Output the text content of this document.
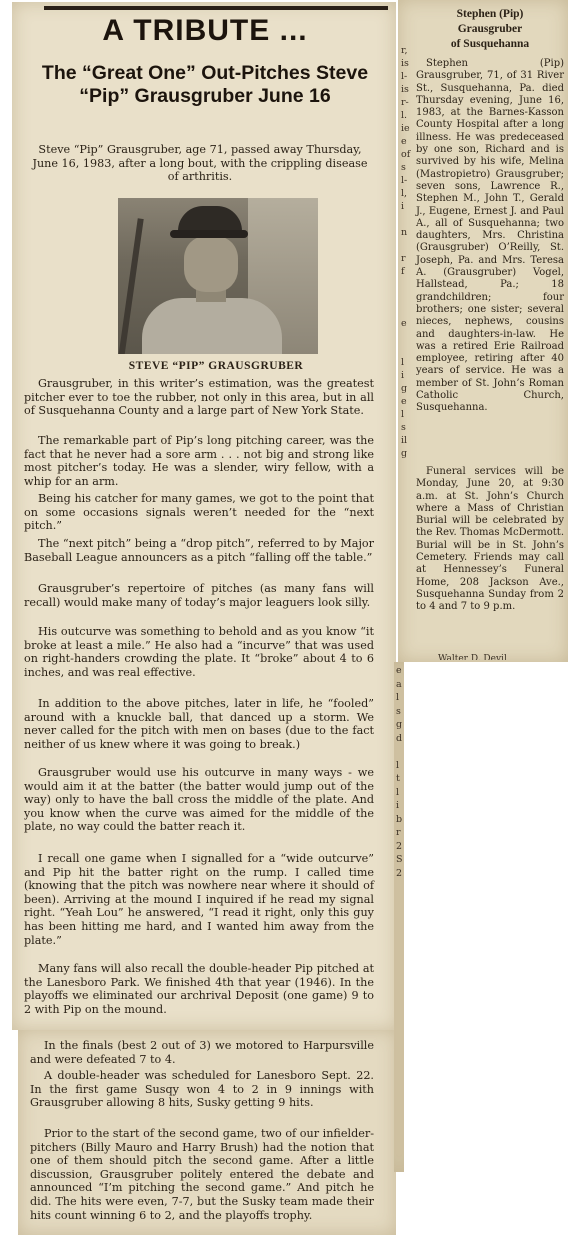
A TRIBUTE ...
The “Great One” Out-Pitches Steve “Pip” Grausgruber June 16

Steve “Pip” Grausgruber, age 71, passed away Thursday, June 16, 1983, after a long bout, with the crippling disease of arthritis.

STEVE “PIP” GRAUSGRUBER

Grausgruber, in this writer’s estimation, was the greatest pitcher ever to toe the rubber, not only in this area, but in all of Susquehanna County and a large part of New York State.

The remarkable part of Pip’s long pitching career, was the fact that he never had a sore arm . . . not big and strong like most pitcher’s today. He was a slender, wiry fellow, with a whip for an arm.

Being his catcher for many games, we got to the point that on some occasions signals weren’t needed for the “next pitch.”

The “next pitch” being a “drop pitch”, referred to by Major Baseball League announcers as a pitch “falling off the table.”

Grausgruber’s repertoire of pitches (as many fans will recall) would make many of today’s major leaguers look silly.

His outcurve was something to behold and as you know “it broke at least a mile.” He also had a “incurve” that was used on right-handers crowding the plate. It “broke” about 4 to 6 inches, and was real effective.

In addition to the above pitches, later in life, he “fooled” around with a knuckle ball, that danced up a storm. We never called for the pitch with men on bases (due to the fact neither of us knew where it was going to break.)

Grausgruber would use his outcurve in many ways - we would aim it at the batter (the batter would jump out of the way) only to have the ball cross the middle of the plate. And you know when the curve was aimed for the middle of the plate, no way could the batter reach it.

I recall one game when I signalled for a “wide outcurve” and Pip hit the batter right on the rump. I called time (knowing that the pitch was nowhere near where it should of been). Arriving at the mound I inquired if he read my signal right. “Yeah Lou” he answered, “I read it right, only this guy has been hitting me hard, and I wanted him away from the plate.”

Many fans will also recall the double-header Pip pitched at the Lanesboro Park. We finished 4th that year (1946). In the playoffs we eliminated our archrival Deposit (one game) 9 to 2 with Pip on the mound.

In the finals (best 2 out of 3) we motored to Harpursville and were defeated 7 to 4.

A double-header was scheduled for Lanesboro Sept. 22. In the first game Susqy won 4 to 2 in 9 innings with Grausgruber allowing 8 hits, Susky getting 9 hits.

Prior to the start of the second game, two of our infielder-pitchers (Billy Mauro and Harry Brush) had the notion that one of them should pitch the second game. After a little discussion, Grausgruber politely entered the debate and announced “I’m pitching the second game.” And pitch he did. The hits were even, 7-7, but the Susky team made their hits count winning 6 to 2, and the playoffs trophy.

Stephen (Pip)
Grausgruber
of Susquehanna

Stephen (Pip) Grausgruber, 71, of 31 River St., Susquehanna, Pa. died Thursday evening, June 16, 1983, at the Barnes-Kasson County Hospital after a long illness. He was predeceased by one son, Richard and is survived by his wife, Melina (Mastropietro) Grausgruber; seven sons, Lawrence R., Stephen M., John T., Gerald J., Eugene, Ernest J. and Paul A., all of Susquehanna; two daughters, Mrs. Christina (Grausgruber) O’Reilly, St. Joseph, Pa. and Mrs. Teresa A. (Grausgruber) Vogel, Hallstead, Pa.; 18 grandchildren; four brothers; one sister; several nieces, nephews, cousins and daughters-in-law. He was a retired Erie Railroad employee, retiring after 40 years of service. He was a member of St. John’s Roman Catholic Church, Susquehanna.

Funeral services will be Monday, June 20, at 9:30 a.m. at St. John’s Church where a Mass of Christian Burial will be celebrated by the Rev. Thomas McDermott. Burial will be in St. John’s Cemetery. Friends may call at Hennessey’s Funeral Home, 208 Jackson Ave., Susquehanna Sunday from 2 to 4 and 7 to 9 p.m.

Walter D. Devil

r,
is
l-
is
r-
l.
ie
e
of
s
l-
l,
i

n

r
f

e

l
i
g
e
l
s
il
g

e
a
l
s
g
d

l
t
l
i
b
r
2
S
2
